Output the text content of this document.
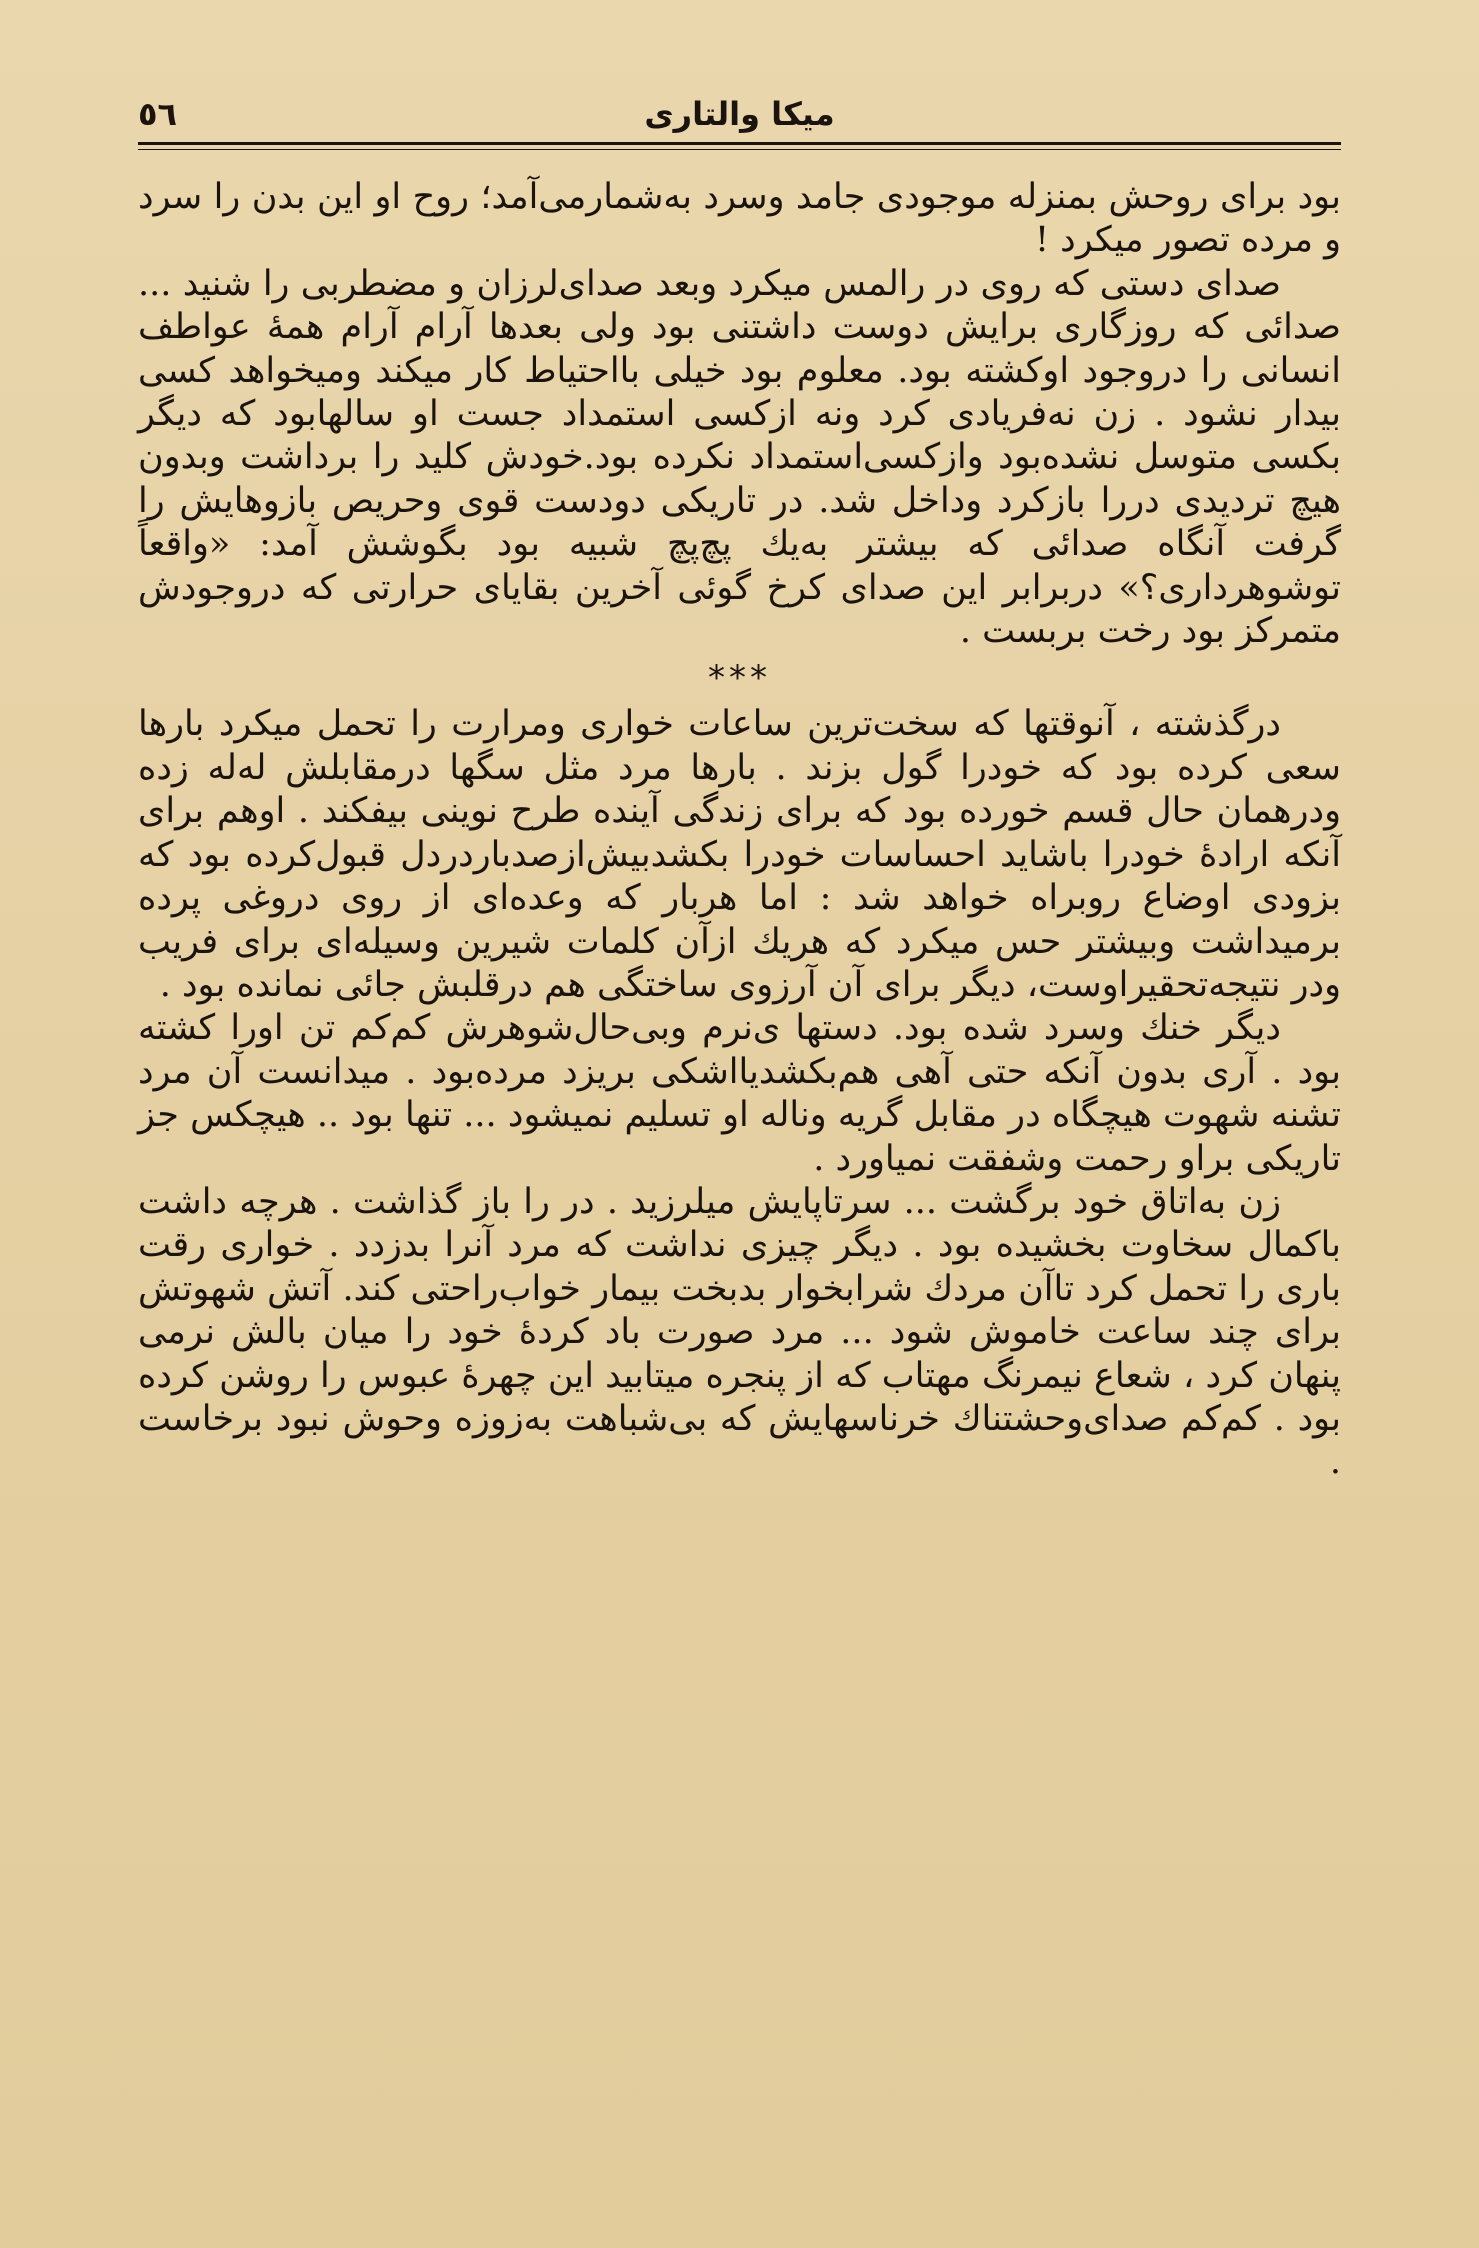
میکا والتاری
٥٦

بود برای روحش بمنزله موجودی جامد وسرد به‌شمارمی‌آمد؛ روح او این بدن را سرد و مرده تصور میکرد !

صدای دستی که روی در رالمس میکرد وبعد صدای‌لرزان و مضطربی را شنید ... صدائی که روزگاری برایش دوست داشتنی بود ولی بعدها آرام آرام همهٔ عواطف انسانی را دروجود اوکشته بود. معلوم بود خیلی بااحتیاط کار میکند ومیخواهد کسی بیدار نشود . زن نه‌فریادی کرد ونه ازکسی استمداد جست او سالهابود که دیگر بکسی متوسل نشده‌بود وازکسی‌استمداد نکرده بود.خودش کلید را برداشت وبدون هیچ تردیدی دررا بازکرد وداخل شد. در تاریکی دودست قوی وحریص بازوهایش را گرفت آنگاه صدائی که بیشتر به‌یك پچ‌پچ شبیه بود بگوشش آمد: «واقعاً توشوهرداری؟» دربرابر این صدای کرخ گوئی آخرین بقایای حرارتی که دروجودش متمرکز بود رخت بربست .

***

درگذشته ، آنوقتها که سخت‌ترین ساعات خواری ومرارت را تحمل میکرد بارها سعی کرده بود که خودرا گول بزند . بارها مرد مثل سگها درمقابلش له‌له زده ودرهمان حال قسم خورده بود که برای زندگی آینده طرح نوینی بیفکند . اوهم برای آنکه ارادهٔ خودرا باشاید احساسات خودرا بکشدبیش‌ازصدباردردل قبول‌کرده بود که بزودی اوضاع روبراه خواهد شد : اما هربار که وعده‌ای از روی دروغی پرده برمیداشت وبیشتر حس میکرد که هریك ازآن کلمات شیرین وسیله‌ای برای فریب ودر نتیجه‌تحقیراوست، دیگر برای آن آرزوی ساختگی هم درقلبش جائی نمانده بود .

دیگر خنك وسرد شده بود. دستها ی‌نرم وبی‌حال‌شوهرش کم‌کم تن اورا کشته بود . آری بدون آنکه حتی آهی هم‌بکشدیااشکی بریزد مرده‌بود . میدانست آن مرد تشنه شهوت هیچگاه در مقابل گریه وناله او تسلیم نمیشود ... تنها بود .. هیچکس جز تاریکی براو رحمت وشفقت نمیاورد .

زن به‌اتاق خود برگشت ... سرتاپایش میلرزید . در را باز گذاشت . هرچه داشت باکمال سخاوت بخشیده بود . دیگر چیزی نداشت که مرد آنرا بدزدد . خواری رقت باری را تحمل کرد تاآن مردك شرابخوار بدبخت بیمار خواب‌راحتی کند. آتش شهوتش برای چند ساعت خاموش شود ... مرد صورت باد کردهٔ خود را میان بالش نرمی پنهان کرد ، شعاع نیمرنگ مهتاب که از پنجره میتابید این چهرهٔ عبوس را روشن کرده بود . کم‌کم صدای‌وحشتناك خرناسهایش که بی‌شباهت به‌زوزه وحوش نبود برخاست .
